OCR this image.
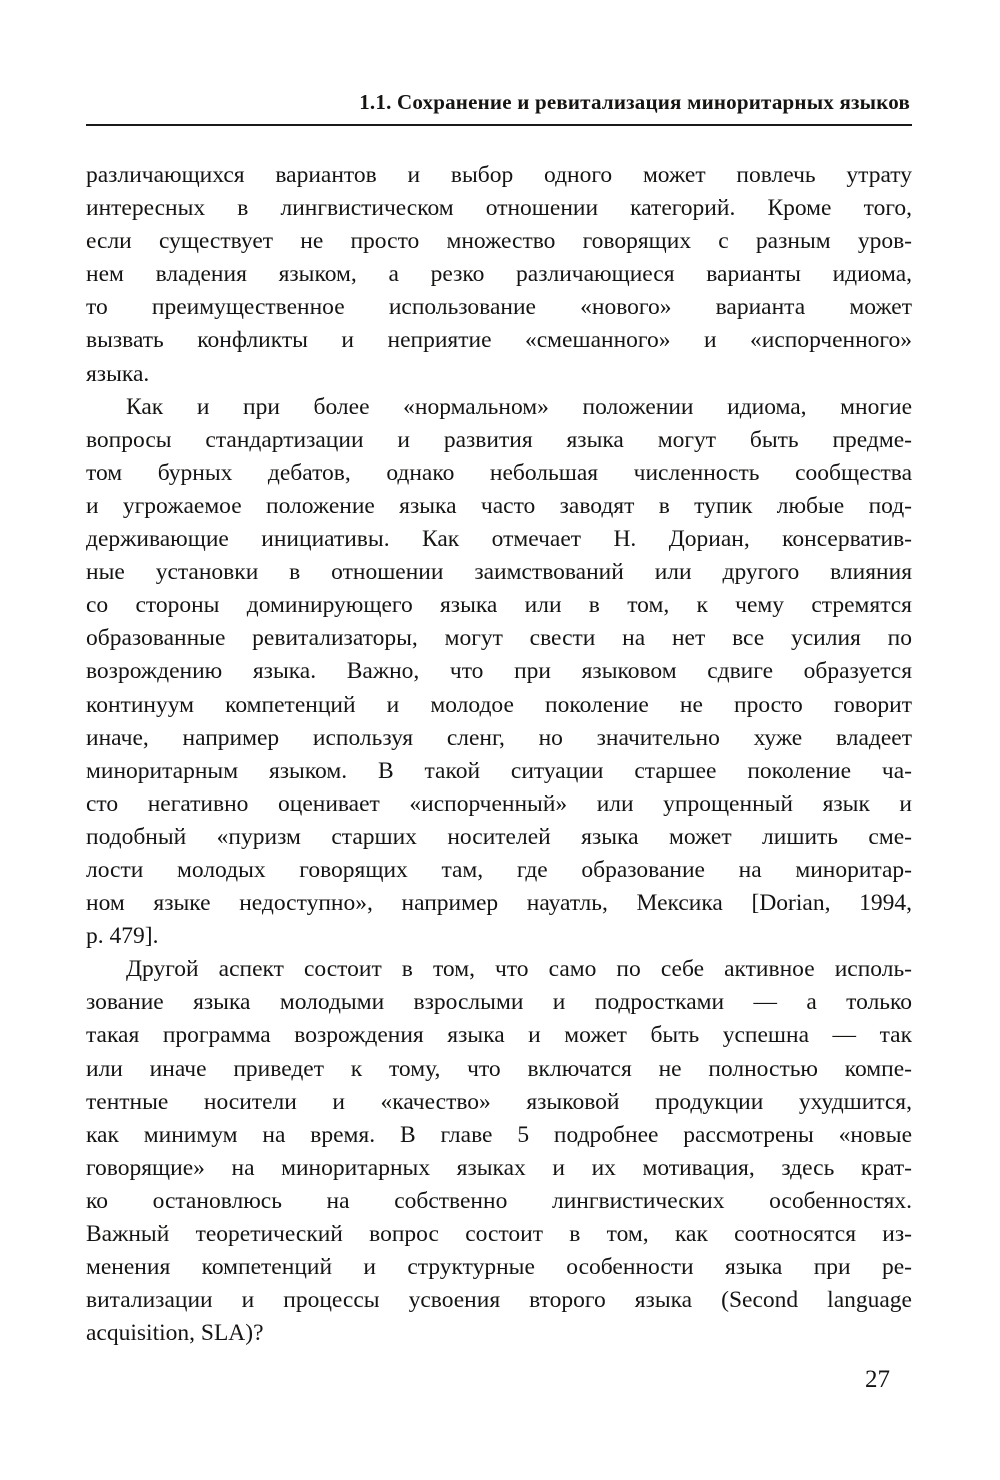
1.1. Сохранение и ревитализация миноритарных языков
различающихся вариантов и выбор одного может повлечь утрату
интересных в лингвистическом отношении категорий. Кроме того,
если существует не просто множество говорящих с разным уров-
нем владения языком, а резко различающиеся варианты идиома,
то преимущественное использование «нового» варианта может
вызвать конфликты и неприятие «смешанного» и «испорченного»
языка.
Как и при более «нормальном» положении идиома, многие
вопросы стандартизации и развития языка могут быть предме-
том бурных дебатов, однако небольшая численность сообщества
и угрожаемое положение языка часто заводят в тупик любые под-
держивающие инициативы. Как отмечает Н. Дориан, консерватив-
ные установки в отношении заимствований или другого влияния
со стороны доминирующего языка или в том, к чему стремятся
образованные ревитализаторы, могут свести на нет все усилия по
возрождению языка. Важно, что при языковом сдвиге образуется
континуум компетенций и молодое поколение не просто говорит
иначе, например используя сленг, но значительно хуже владеет
миноритарным языком. В такой ситуации старшее поколение ча-
сто негативно оценивает «испорченный» или упрощенный язык и
подобный «пуризм старших носителей языка может лишить сме-
лости молодых говорящих там, где образование на миноритар-
ном языке недоступно», например науатль, Мексика [Dorian, 1994,
p. 479].
Другой аспект состоит в том, что само по себе активное исполь-
зование языка молодыми взрослыми и подростками — а только
такая программа возрождения языка и может быть успешна — так
или иначе приведет к тому, что включатся не полностью компе-
тентные носители и «качество» языковой продукции ухудшится,
как минимум на время. В главе 5 подробнее рассмотрены «новые
говорящие» на миноритарных языках и их мотивация, здесь крат-
ко остановлюсь на собственно лингвистических особенностях.
Важный теоретический вопрос состоит в том, как соотносятся из-
менения компетенций и структурные особенности языка при ре-
витализации и процессы усвоения второго языка (Second language
acquisition, SLA)?
27
